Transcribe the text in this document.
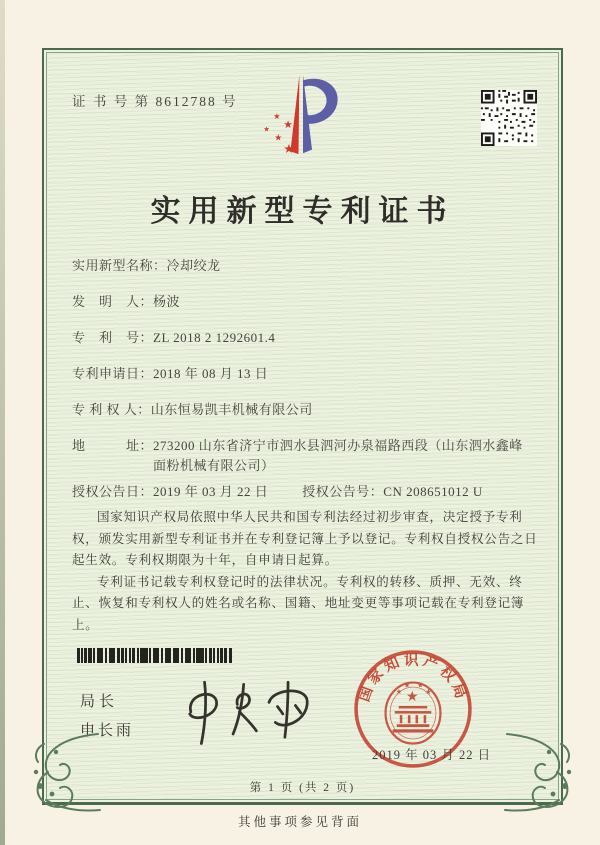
证 书 号 第 8612788 号
★
★
★
★
★
实用新型专利证书
实用新型名称： 冷却绞龙
发　明　人： 杨波
专　利　号： ZL 2018 2 1292601.4
专利申请日： 2018 年 08 月 13 日
专 利 权 人： 山东恒易凯丰机械有限公司
地　　　址： 273200 山东省济宁市泗水县泗河办泉福路西段（山东泗水鑫峰面粉机械有限公司）
授权公告日： 2019 年 03 月 22 日	授权公告号： CN 208651012 U

国家知识产权局依照中华人民共和国专利法经过初步审查，决定授予专利权，颁发实用新型专利证书并在专利登记簿上予以登记。专利权自授权公告之日起生效。专利权期限为十年，自申请日起算。

专利证书记载专利权登记时的法律状况。专利权的转移、质押、无效、终止、恢复和专利权人的姓名或名称、国籍、地址变更等事项记载在专利登记簿上。

局长
申长雨
国家知识产权局
★
★
★ ★
★
2019 年 03 月 22 日
第 1 页 (共 2 页)
其他事项参见背面
